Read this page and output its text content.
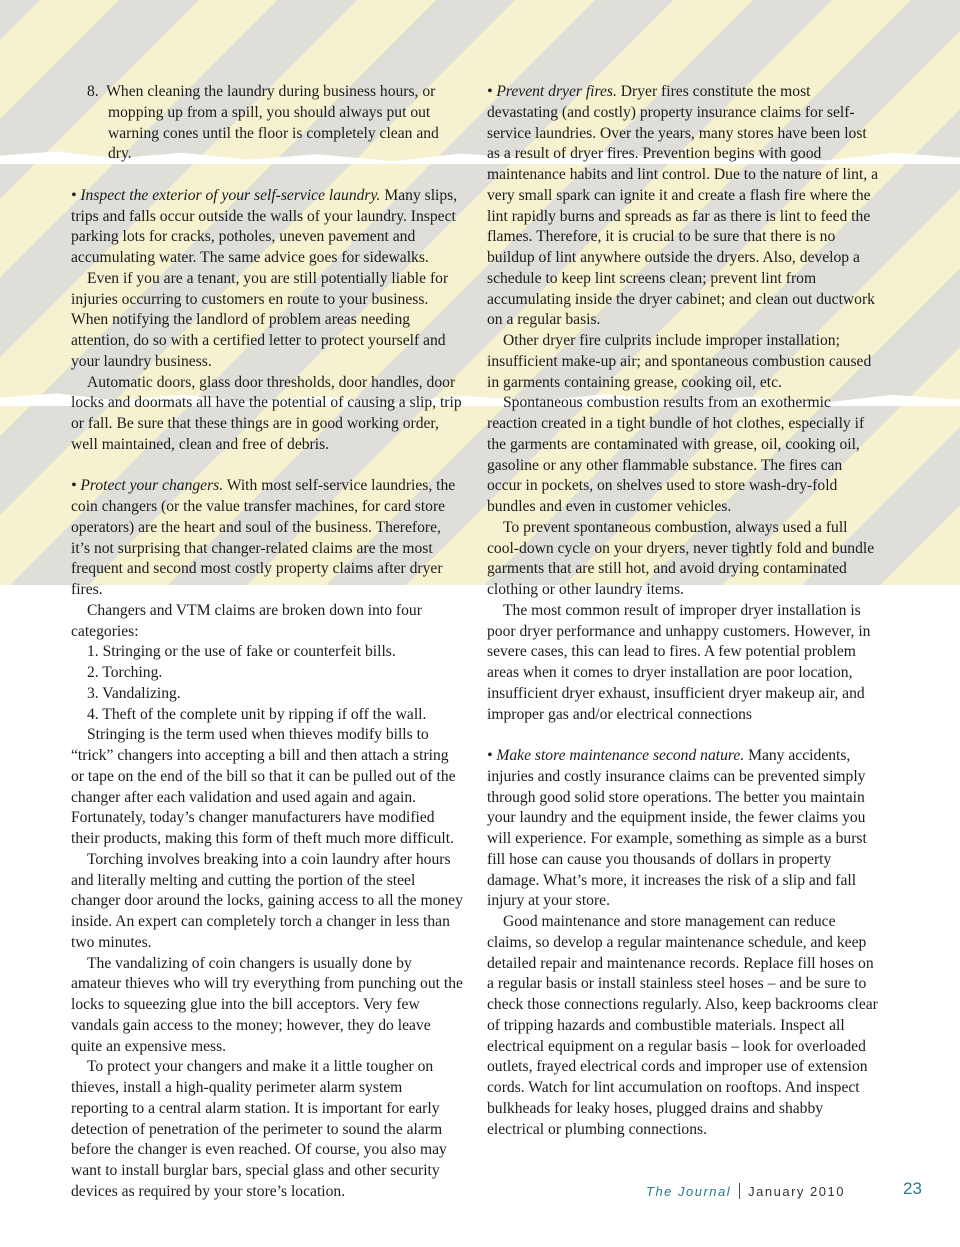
8. When cleaning the laundry during business hours, or mopping up from a spill, you should always put out warning cones until the floor is completely clean and dry.

• Inspect the exterior of your self-service laundry. Many slips, trips and falls occur outside the walls of your laundry. Inspect parking lots for cracks, potholes, uneven pavement and accumulating water. The same advice goes for sidewalks.

Even if you are a tenant, you are still potentially liable for injuries occurring to customers en route to your business. When notifying the landlord of problem areas needing attention, do so with a certified letter to protect yourself and your laundry business.

Automatic doors, glass door thresholds, door handles, door locks and doormats all have the potential of causing a slip, trip or fall. Be sure that these things are in good working order, well maintained, clean and free of debris.

• Protect your changers. With most self-service laundries, the coin changers (or the value transfer machines, for card store operators) are the heart and soul of the business. Therefore, it’s not surprising that changer-related claims are the most frequent and second most costly property claims after dryer fires.

Changers and VTM claims are broken down into four categories:

1. Stringing or the use of fake or counterfeit bills.

2. Torching.

3. Vandalizing.

4. Theft of the complete unit by ripping if off the wall.

Stringing is the term used when thieves modify bills to “trick” changers into accepting a bill and then attach a string or tape on the end of the bill so that it can be pulled out of the changer after each validation and used again and again. Fortunately, today’s changer manufacturers have modified their products, making this form of theft much more difficult.

Torching involves breaking into a coin laundry after hours and literally melting and cutting the portion of the steel changer door around the locks, gaining access to all the money inside. An expert can completely torch a changer in less than two minutes.

The vandalizing of coin changers is usually done by amateur thieves who will try everything from punching out the locks to squeezing glue into the bill acceptors. Very few vandals gain access to the money; however, they do leave quite an expensive mess.

To protect your changers and make it a little tougher on thieves, install a high-quality perimeter alarm system reporting to a central alarm station. It is important for early detection of penetration of the perimeter to sound the alarm before the changer is even reached. Of course, you also may want to install burglar bars, special glass and other security devices as required by your store’s location.

• Prevent dryer fires. Dryer fires constitute the most devastating (and costly) property insurance claims for self-service laundries. Over the years, many stores have been lost as a result of dryer fires. Prevention begins with good maintenance habits and lint control. Due to the nature of lint, a very small spark can ignite it and create a flash fire where the lint rapidly burns and spreads as far as there is lint to feed the flames. Therefore, it is crucial to be sure that there is no buildup of lint anywhere outside the dryers. Also, develop a schedule to keep lint screens clean; prevent lint from accumulating inside the dryer cabinet; and clean out ductwork on a regular basis.

Other dryer fire culprits include improper installation; insufficient make-up air; and spontaneous combustion caused in garments containing grease, cooking oil, etc.

Spontaneous combustion results from an exothermic reaction created in a tight bundle of hot clothes, especially if the garments are contaminated with grease, oil, cooking oil, gasoline or any other flammable substance. The fires can occur in pockets, on shelves used to store wash-dry-fold bundles and even in customer vehicles.

To prevent spontaneous combustion, always used a full cool-down cycle on your dryers, never tightly fold and bundle garments that are still hot, and avoid drying contaminated clothing or other laundry items.

The most common result of improper dryer installation is poor dryer performance and unhappy customers. However, in severe cases, this can lead to fires. A few potential problem areas when it comes to dryer installation are poor location, insufficient dryer exhaust, insufficient dryer makeup air, and improper gas and/or electrical connections

• Make store maintenance second nature. Many accidents, injuries and costly insurance claims can be prevented simply through good solid store operations. The better you maintain your laundry and the equipment inside, the fewer claims you will experience. For example, something as simple as a burst fill hose can cause you thousands of dollars in property damage. What’s more, it increases the risk of a slip and fall injury at your store.

Good maintenance and store management can reduce claims, so develop a regular maintenance schedule, and keep detailed repair and maintenance records. Replace fill hoses on a regular basis or install stainless steel hoses – and be sure to check those connections regularly. Also, keep backrooms clear of tripping hazards and combustible materials. Inspect all electrical equipment on a regular basis – look for overloaded outlets, frayed electrical cords and improper use of extension cords. Watch for lint accumulation on rooftops. And inspect bulkheads for leaky hoses, plugged drains and shabby electrical or plumbing connections.

The Journal January 2010	23
